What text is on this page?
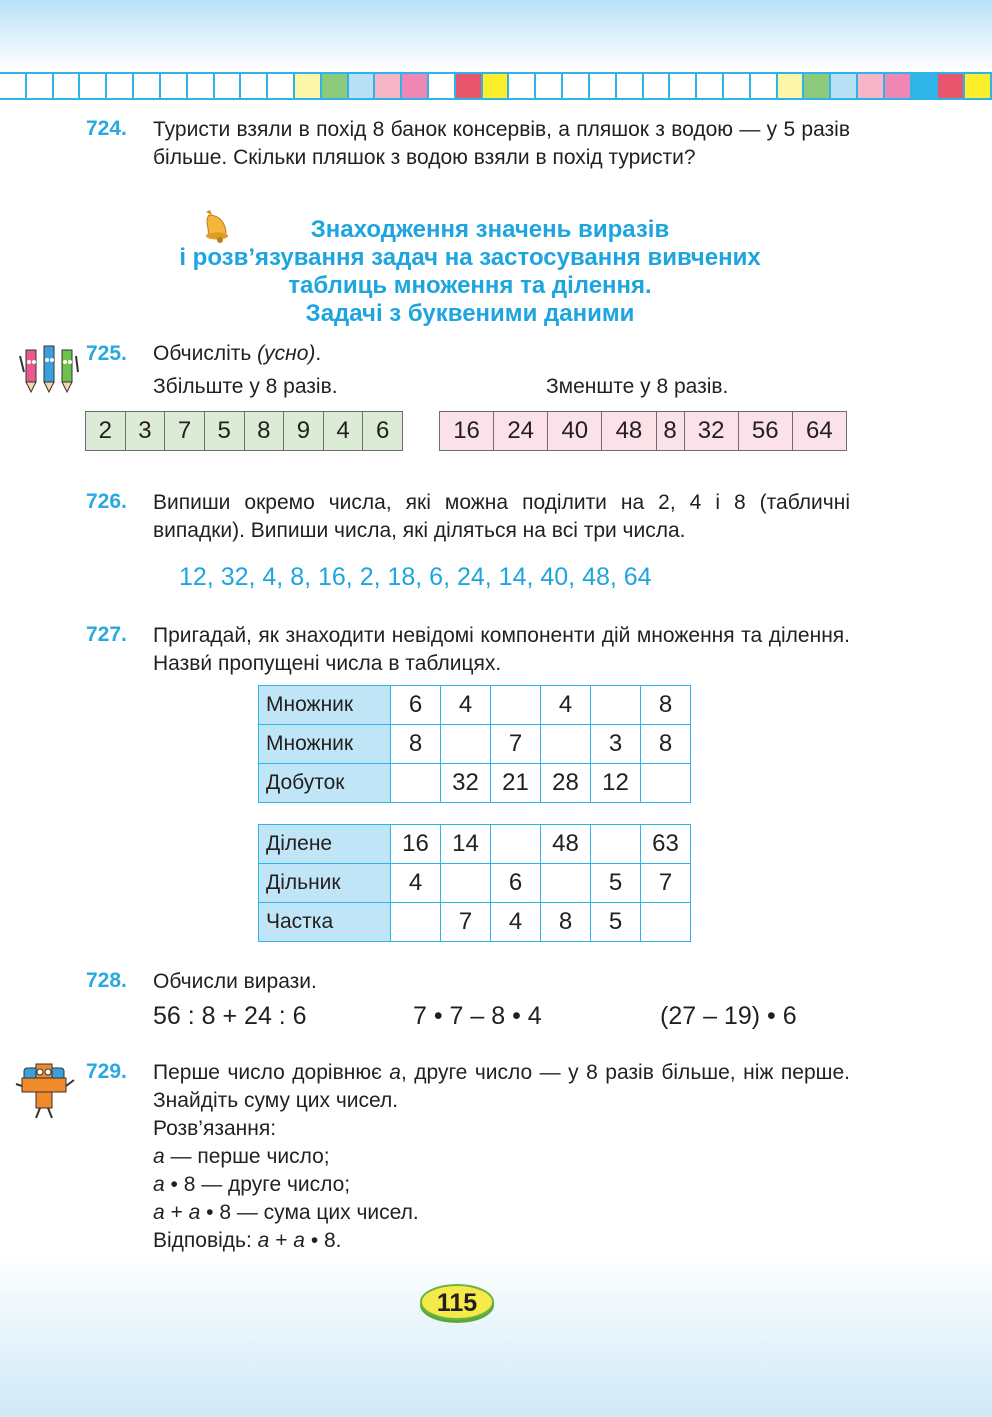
724. Туристи взяли в похід 8 банок консервів, а пляшок з водою — у 5 разів більше. Скільки пляшок з водою взяли в похід туристи?
Знаходження значень виразів
і розв’язування задач на застосування вивчених
таблиць множення та ділення.
Задачі з буквеними даними
725. Обчисліть (усно).
Збільште у 8 разів.	Зменште у 8 разів.
2	3	7	5	8	9	4	6	16	24	40	48	8	32	56	64
726. Випиши окремо числа, які можна поділити на 2, 4 і 8 (табличні випадки). Випиши числа, які діляться на всі три числа.
12, 32, 4, 8, 16, 2, 18, 6, 24, 14, 40, 48, 64
727. Пригадай, як знаходити невідомі компоненти дій множення та ділення. Назви́ пропущені числа в таблицях.
Множник	6	4		4		8
Множник	8		7		3	8
Добуток		32	21	28	12	
Ділене	16	14		48		63
Дільник	4		6		5	7
Частка		7	4	8	5	
728. Обчисли вирази.
56 : 8 + 24 : 6	7 • 7 – 8 • 4	(27 – 19) • 6
729. Перше число дорівнює а, друге число — у 8 разів більше, ніж перше. Знайдіть суму цих чисел.
Розв’язання:
а — перше число;
а • 8 — друге число;
а + а • 8 — сума цих чисел.
Відповідь: а + а • 8.
115
